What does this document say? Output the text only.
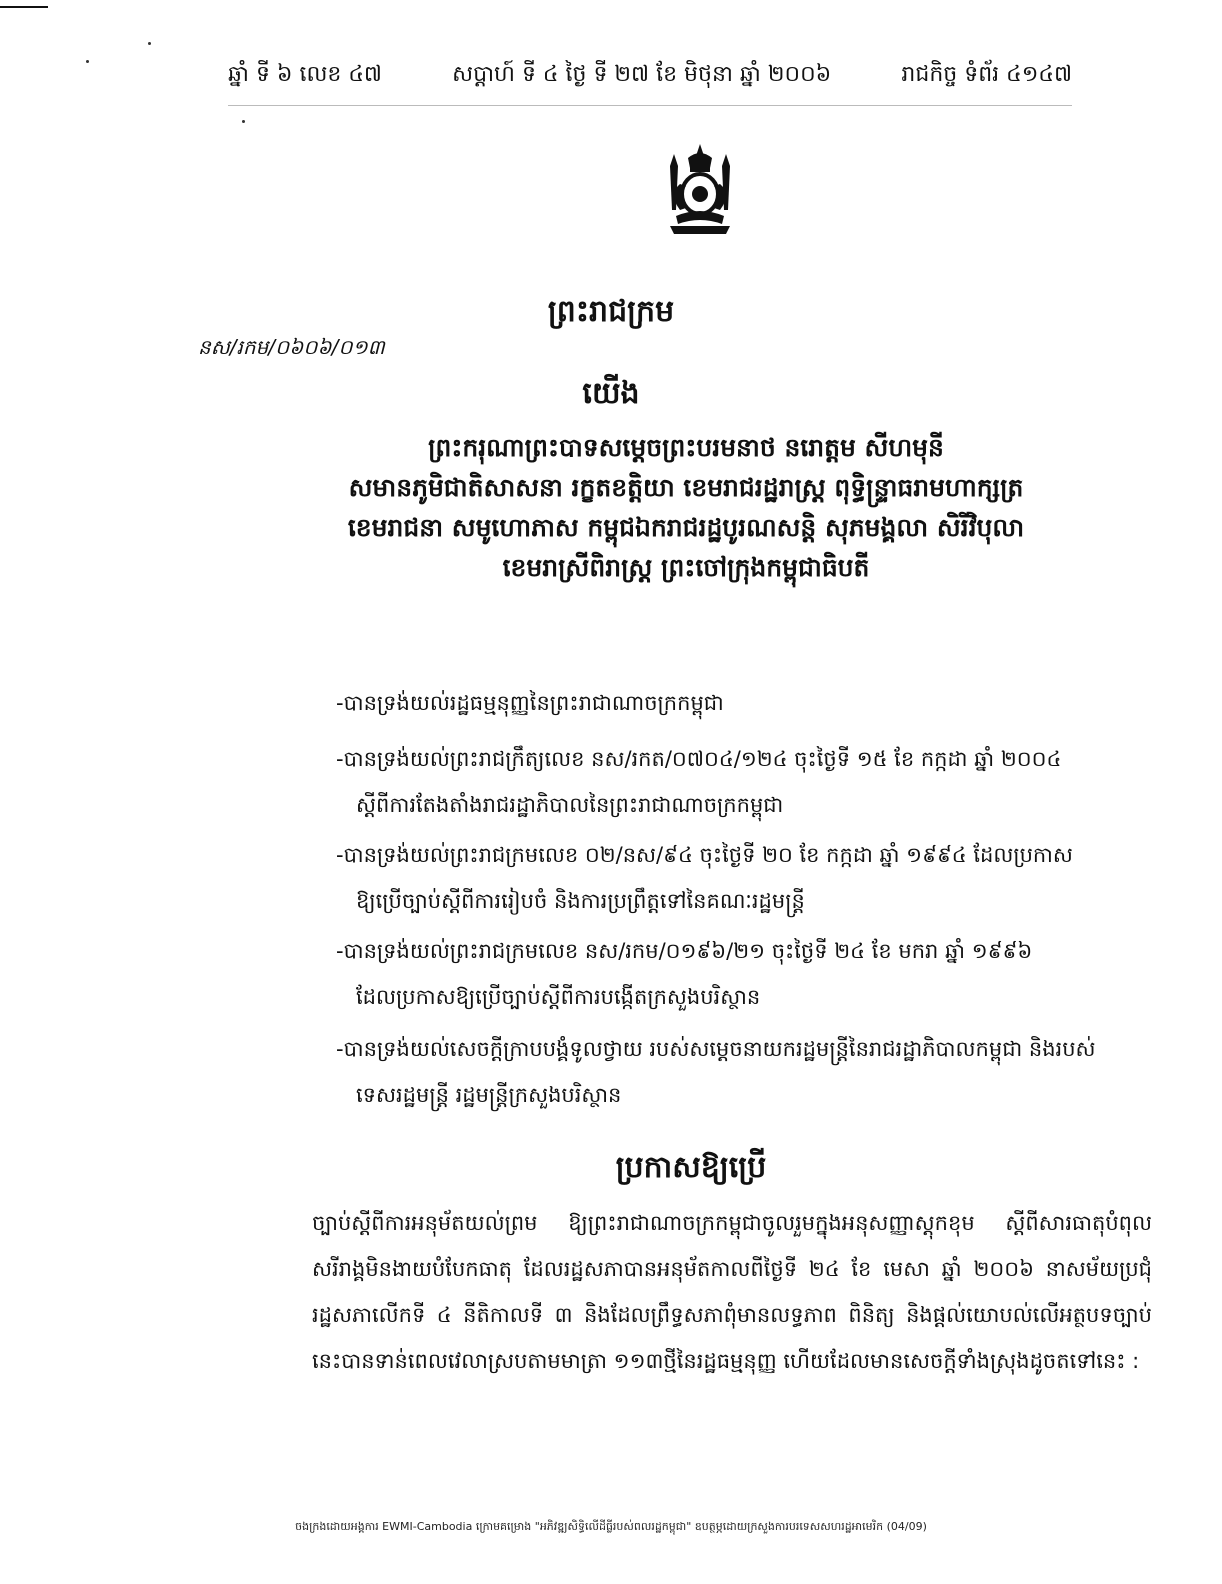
ឆ្នាំ ទី ៦ លេខ ៤៧	សប្ដាហ៍ ទី ៤ ថ្ងៃ ទី ២៧ ខែ មិថុនា ឆ្នាំ ២០០៦	រាជកិច្ច ទំព័រ ៤១៤៧
ព្រះរាជក្រម
នស/រកម/០៦០៦/០១៣
យើង
ព្រះករុណាព្រះបាទសម្ដេចព្រះបរមនាថ នរោត្តម សីហមុនី
សមានភូមិជាតិសាសនា រក្ខតខត្តិយា ខេមរាជរដ្ឋរាស្ត្រ ពុទ្ធិន្ទ្រាធរាមហាក្សត្រ
ខេមរាជនា សមូហោភាស កម្ពុជឯករាជរដ្ឋបូរណសន្តិ សុភមង្គលា សិរីវិបុលា
ខេមរាស្រីពិរាស្ត្រ ព្រះចៅក្រុងកម្ពុជាធិបតី
-បានទ្រង់យល់រដ្ឋធម្មនុញ្ញនៃព្រះរាជាណាចក្រកម្ពុជា
-បានទ្រង់យល់ព្រះរាជក្រឹត្យលេខ នស/រកត/០៧០៤/១២៤ ចុះថ្ងៃទី ១៥ ខែ កក្កដា ឆ្នាំ ២០០៤
ស្ដីពីការតែងតាំងរាជរដ្ឋាភិបាលនៃព្រះរាជាណាចក្រកម្ពុជា
-បានទ្រង់យល់ព្រះរាជក្រមលេខ ០២/នស/៩៤ ចុះថ្ងៃទី ២០ ខែ កក្កដា ឆ្នាំ ១៩៩៤ ដែលប្រកាស
ឱ្យប្រើច្បាប់ស្ដីពីការរៀបចំ និងការប្រព្រឹត្តទៅនៃគណៈរដ្ឋមន្ត្រី
-បានទ្រង់យល់ព្រះរាជក្រមលេខ នស/រកម/០១៩៦/២១ ចុះថ្ងៃទី ២៤ ខែ មករា ឆ្នាំ ១៩៩៦
ដែលប្រកាសឱ្យប្រើច្បាប់ស្ដីពីការបង្កើតក្រសួងបរិស្ថាន
-បានទ្រង់យល់សេចក្ដីក្រាបបង្គំទូលថ្វាយ របស់សម្ដេចនាយករដ្ឋមន្ត្រីនៃរាជរដ្ឋាភិបាលកម្ពុជា និងរបស់
ទេសរដ្ឋមន្ត្រី រដ្ឋមន្ត្រីក្រសួងបរិស្ថាន
ប្រកាសឱ្យប្រើ

ច្បាប់ស្ដីពីការអនុម័តយល់ព្រម ឱ្យព្រះរាជាណាចក្រកម្ពុជាចូលរួមក្នុងអនុសញ្ញាស្តុកខុម ស្ដីពីសារធាតុបំពុលសរីរាង្គមិនងាយបំបែកធាតុ ដែលរដ្ឋសភាបានអនុម័តកាលពីថ្ងៃទី ២៤ ខែ មេសា ឆ្នាំ ២០០៦ នាសម័យប្រជុំរដ្ឋសភាលើកទី ៤ នីតិកាលទី ៣ និងដែលព្រឹទ្ធសភាពុំមានលទ្ធភាព ពិនិត្យ និងផ្ដល់យោបល់លើអត្ថបទច្បាប់នេះបានទាន់ពេលវេលាស្របតាមមាត្រា ១១៣ថ្មីនៃរដ្ឋធម្មនុញ្ញ ហើយដែលមានសេចក្ដីទាំងស្រុងដូចតទៅនេះ :

ចងក្រងដោយអង្គការ EWMI-Cambodia ក្រោមគម្រោង "អភិវឌ្ឍសិទ្ធិលើដីធ្លីរបស់ពលរដ្ឋកម្ពុជា" ឧបត្ថម្ភដោយក្រសួងការបរទេសសហរដ្ឋអាមេរិក (04/09)
